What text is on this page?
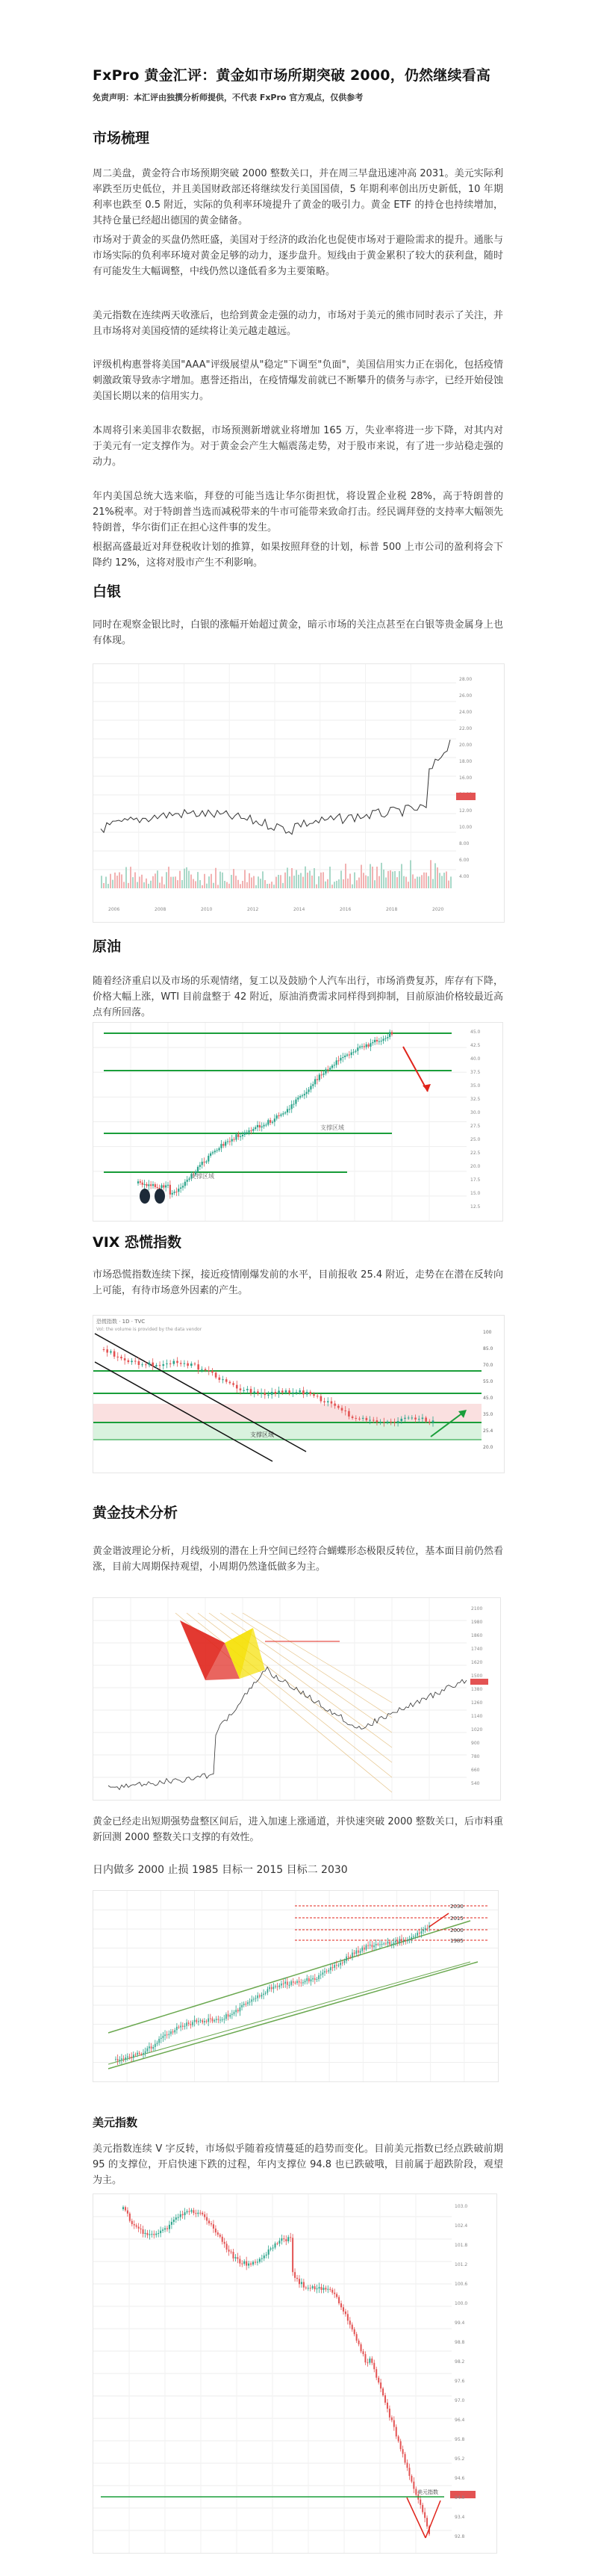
FxPro 黄金汇评：黄金如市场所期突破 2000，仍然继续看高
免责声明：本汇评由独撰分析师提供，不代表 FxPro 官方观点，仅供参考
市场梳理
周二美盘，黄金符合市场预期突破 2000 整数关口，并在周三早盘迅速冲高 2031。美元实际利率跌至历史低位，并且美国财政部还将继续发行美国国债，5 年期利率创出历史新低，10 年期利率也跌至 0.5 附近，实际的负利率环境提升了黄金的吸引力。黄金 ETF 的持仓也持续增加，其持仓量已经超出德国的黄金储备。
市场对于黄金的买盘仍然旺盛，美国对于经济的政治化也促使市场对于避险需求的提升。通胀与市场实际的负利率环境对黄金足够的动力，逐步盘升。短线由于黄金累积了较大的获利盘，随时有可能发生大幅调整，中线仍然以逢低看多为主要策略。
美元指数在连续两天收涨后，也给到黄金走强的动力，市场对于美元的熊市同时表示了关注，并且市场将对美国疫情的延续将让美元越走越远。
评级机构惠誉将美国"AAA"评级展望从"稳定"下调至"负面"，美国信用实力正在弱化，包括疫情刺激政策导致赤字增加。惠誉还指出，在疫情爆发前就已不断攀升的债务与赤字，已经开始侵蚀美国长期以来的信用实力。
本周将引来美国非农数据，市场预测新增就业将增加 165 万，失业率将进一步下降，对其内对于美元有一定支撑作为。对于黄金会产生大幅震荡走势，对于股市来说，有了进一步站稳走强的动力。
年内美国总统大选来临，拜登的可能当选让华尔街担忧，将设置企业税 28%，高于特朗普的 21%税率。对于特朗普当选而减税带来的牛市可能带来致命打击。经民调拜登的支持率大幅领先特朗普，华尔街们正在担心这件事的发生。
根据高盛最近对拜登税收计划的推算，如果按照拜登的计划，标普 500 上市公司的盈利将会下降约 12%，这将对股市产生不利影响。
白银
同时在观察金银比时，白银的涨幅开始超过黄金，暗示市场的关注点甚至在白银等贵金属身上也有体现。
28.00
26.00
24.00
22.00
20.00
18.00
16.00
12.00
10.00
8.00
6.00
4.00
2006	2008	2010	2012	2014	2016	2018	2020
原油
随着经济重启以及市场的乐观情绪，复工以及鼓励个人汽车出行，市场消费复苏，库存有下降，价格大幅上涨，WTI 目前盘整于 42 附近，原油消费需求同样得到抑制，目前原油价格较最近高点有所回落。
支撑区域
支撑区域
45.0
42.5
40.0
37.5
35.0
32.5
30.0
27.5
25.0
22.5
20.0
17.5
15.0
12.5
VIX 恐慌指数
市场恐慌指数连续下探，接近疫情刚爆发前的水平，目前报收 25.4 附近，走势在在潜在反转向上可能，有待市场意外因素的产生。
恐慌指数 · 1D · TVC
Vol: the volume is provided by the data vendor
支撑区域
100
85.0
70.0
55.0
45.0
35.0
25.4
20.0
黄金技术分析
黄金谐波理论分析，月线级别的潜在上升空间已经符合蝴蝶形态极限反转位，基本面目前仍然看涨，目前大周期保持观望，小周期仍然逢低做多为主。
2100
1980
1860
1740
1620
1500
1380
1260
1140
1020
900
780
660
540
黄金已经走出短期强势盘整区间后，进入加速上涨通道，并快速突破 2000 整数关口，后市料重新回测 2000 整数关口支撑的有效性。
日内做多 2000 止损 1985 目标一 2015 目标二 2030
2030
2015
2000
1985
美元指数
美元指数连续 V 字反转，市场似乎随着疫情蔓延的趋势而变化。目前美元指数已经点跌破前期 95 的支撑位，开启快速下跌的过程，年内支撑位 94.8 也已跌破哦，目前属于超跌阶段，观望为主。
美元指数
103.0
102.4
101.8
101.2
100.6
100.0
99.4
98.8
98.2
97.6
97.0
96.4
95.8
95.2
94.6
94.0
93.4
92.8
